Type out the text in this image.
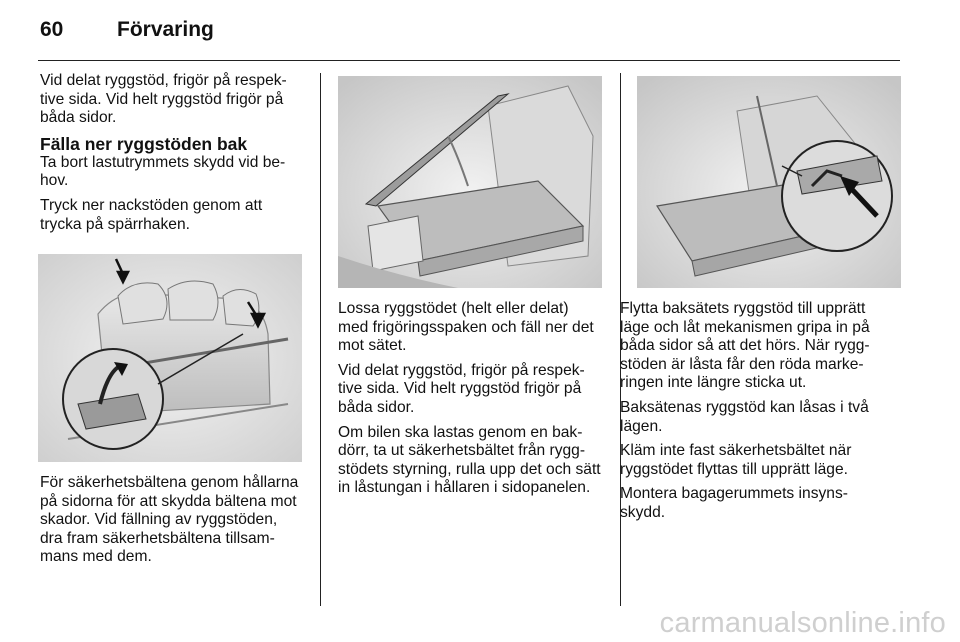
60	Förvaring

Vid delat ryggstöd, frigör på respek-
tive sida. Vid helt ryggstöd frigör på
båda sidor.

Fälla ner ryggstöden bak

Ta bort lastutrymmets skydd vid be-
hov.

Tryck ner nackstöden genom att
trycka på spärrhaken.

För säkerhetsbältena genom hållarna
på sidorna för att skydda bältena mot
skador. Vid fällning av ryggstöden,
dra fram säkerhetsbältena tillsam-
mans med dem.

Lossa ryggstödet (helt eller delat)
med frigöringsspaken och fäll ner det
mot sätet.

Vid delat ryggstöd, frigör på respek-
tive sida. Vid helt ryggstöd frigör på
båda sidor.

Om bilen ska lastas genom en bak-
dörr, ta ut säkerhetsbältet från rygg-
stödets styrning, rulla upp det och sätt
in låstungan i hållaren i sidopanelen.

Flytta baksätets ryggstöd till upprätt
läge och låt mekanismen gripa in på
båda sidor så att det hörs. När rygg-
stöden är låsta får den röda marke-
ringen inte längre sticka ut.

Baksätenas ryggstöd kan låsas i två
lägen.

Kläm inte fast säkerhetsbältet när
ryggstödet flyttas till upprätt läge.

Montera bagagerummets insyns-
skydd.

carmanualsonline.info
